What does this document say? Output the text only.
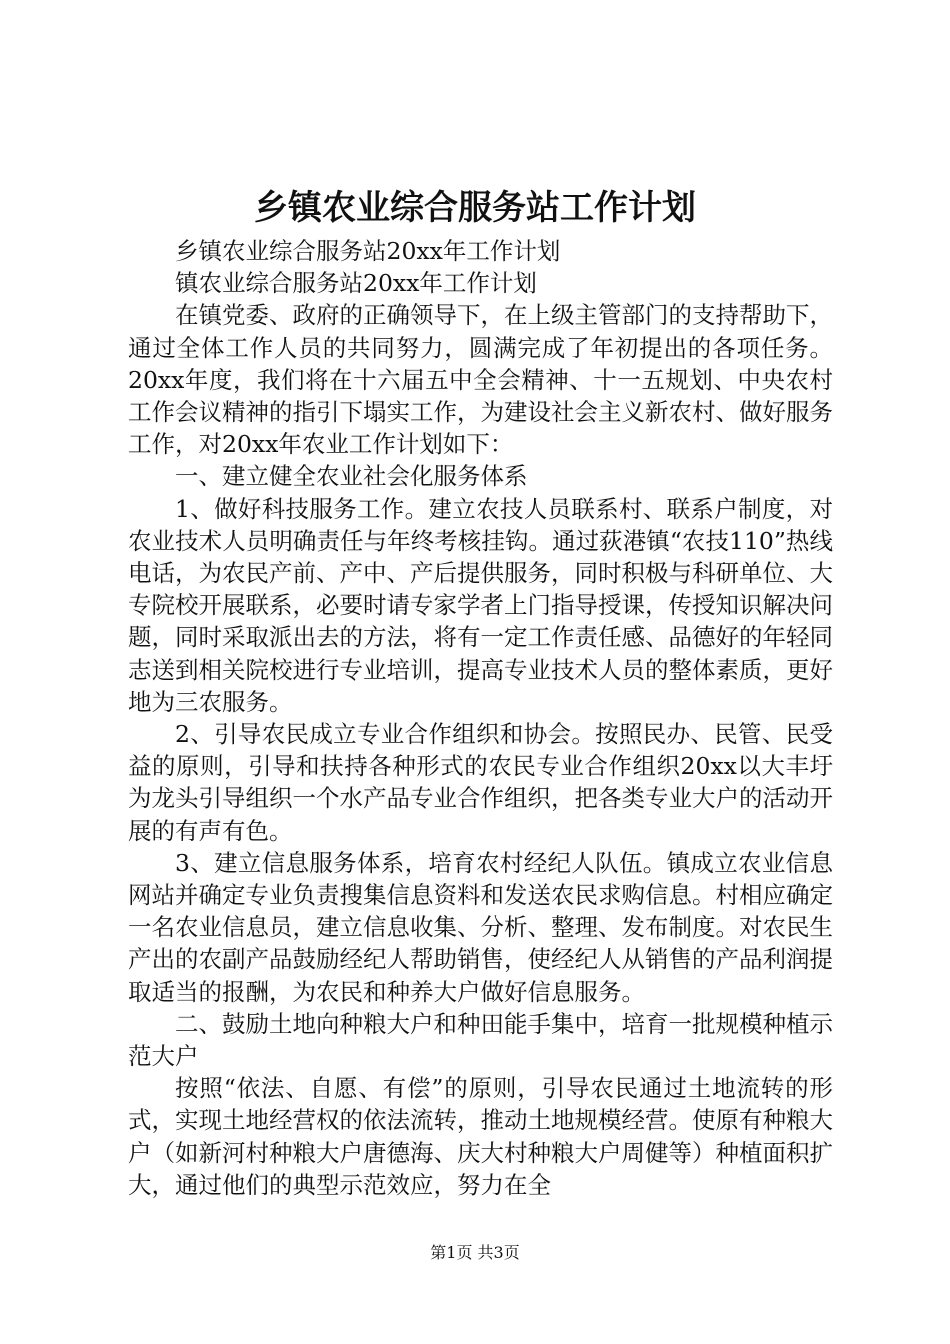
乡镇农业综合服务站工作计划

乡镇农业综合服务站20xx年工作计划

镇农业综合服务站20xx年工作计划

在镇党委、政府的正确领导下，在上级主管部门的支持帮助下，通过全体工作人员的共同努力，圆满完成了年初提出的各项任务。20xx年度，我们将在十六届五中全会精神、十一五规划、中央农村工作会议精神的指引下塌实工作，为建设社会主义新农村、做好服务工作，对20xx年农业工作计划如下：

一、建立健全农业社会化服务体系

1、做好科技服务工作。建立农技人员联系村、联系户制度，对农业技术人员明确责任与年终考核挂钩。通过荻港镇“农技110”热线电话，为农民产前、产中、产后提供服务，同时积极与科研单位、大专院校开展联系，必要时请专家学者上门指导授课，传授知识解决问题，同时采取派出去的方法，将有一定工作责任感、品德好的年轻同志送到相关院校进行专业培训，提高专业技术人员的整体素质，更好地为三农服务。

2、引导农民成立专业合作组织和协会。按照民办、民管、民受益的原则，引导和扶持各种形式的农民专业合作组织20xx以大丰圩为龙头引导组织一个水产品专业合作组织，把各类专业大户的活动开展的有声有色。

3、建立信息服务体系，培育农村经纪人队伍。镇成立农业信息网站并确定专业负责搜集信息资料和发送农民求购信息。村相应确定一名农业信息员，建立信息收集、分析、整理、发布制度。对农民生产出的农副产品鼓励经纪人帮助销售，使经纪人从销售的产品利润提取适当的报酬，为农民和种养大户做好信息服务。

二、鼓励土地向种粮大户和种田能手集中，培育一批规模种植示范大户

按照“依法、自愿、有偿”的原则，引导农民通过土地流转的形式，实现土地经营权的依法流转，推动土地规模经营。使原有种粮大户（如新河村种粮大户唐德海、庆大村种粮大户周健等）种植面积扩大，通过他们的典型示范效应，努力在全

第1页 共3页
